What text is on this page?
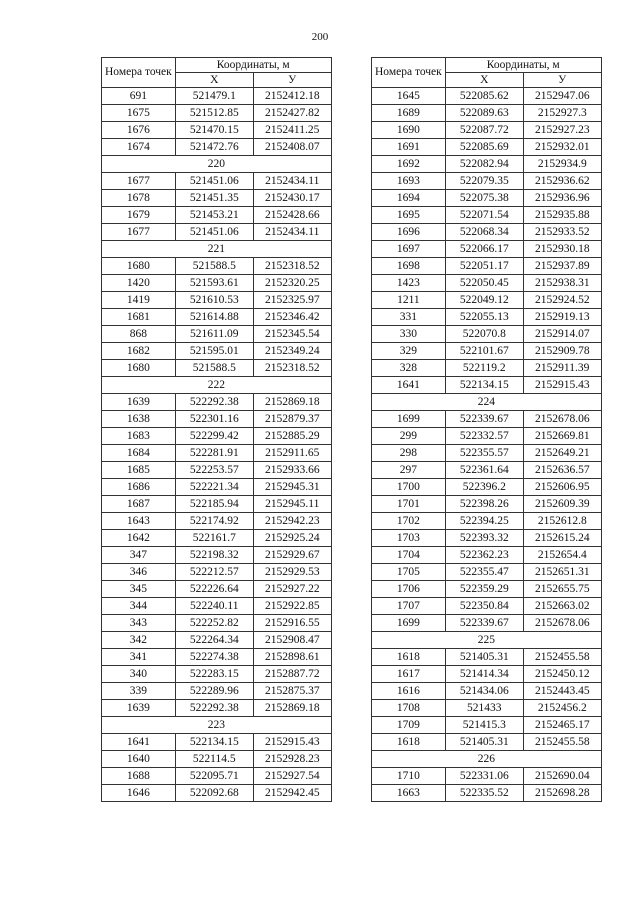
200
Номера точек	Координаты, м	
	X	У
691	521479.1	2152412.18
1675	521512.85	2152427.82
1676	521470.15	2152411.25
1674	521472.76	2152408.07
220		
1677	521451.06	2152434.11
1678	521451.35	2152430.17
1679	521453.21	2152428.66
1677	521451.06	2152434.11
221		
1680	521588.5	2152318.52
1420	521593.61	2152320.25
1419	521610.53	2152325.97
1681	521614.88	2152346.42
868	521611.09	2152345.54
1682	521595.01	2152349.24
1680	521588.5	2152318.52
222		
1639	522292.38	2152869.18
1638	522301.16	2152879.37
1683	522299.42	2152885.29
1684	522281.91	2152911.65
1685	522253.57	2152933.66
1686	522221.34	2152945.31
1687	522185.94	2152945.11
1643	522174.92	2152942.23
1642	522161.7	2152925.24
347	522198.32	2152929.67
346	522212.57	2152929.53
345	522226.64	2152927.22
344	522240.11	2152922.85
343	522252.82	2152916.55
342	522264.34	2152908.47
341	522274.38	2152898.61
340	522283.15	2152887.72
339	522289.96	2152875.37
1639	522292.38	2152869.18
223		
1641	522134.15	2152915.43
1640	522114.5	2152928.23
1688	522095.71	2152927.54
1646	522092.68	2152942.45
Номера точек	Координаты, м	
	X	У
1645	522085.62	2152947.06
1689	522089.63	2152927.3
1690	522087.72	2152927.23
1691	522085.69	2152932.01
1692	522082.94	2152934.9
1693	522079.35	2152936.62
1694	522075.38	2152936.96
1695	522071.54	2152935.88
1696	522068.34	2152933.52
1697	522066.17	2152930.18
1698	522051.17	2152937.89
1423	522050.45	2152938.31
1211	522049.12	2152924.52
331	522055.13	2152919.13
330	522070.8	2152914.07
329	522101.67	2152909.78
328	522119.2	2152911.39
1641	522134.15	2152915.43
224		
1699	522339.67	2152678.06
299	522332.57	2152669.81
298	522355.57	2152649.21
297	522361.64	2152636.57
1700	522396.2	2152606.95
1701	522398.26	2152609.39
1702	522394.25	2152612.8
1703	522393.32	2152615.24
1704	522362.23	2152654.4
1705	522355.47	2152651.31
1706	522359.29	2152655.75
1707	522350.84	2152663.02
1699	522339.67	2152678.06
225		
1618	521405.31	2152455.58
1617	521414.34	2152450.12
1616	521434.06	2152443.45
1708	521433	2152456.2
1709	521415.3	2152465.17
1618	521405.31	2152455.58
226		
1710	522331.06	2152690.04
1663	522335.52	2152698.28
